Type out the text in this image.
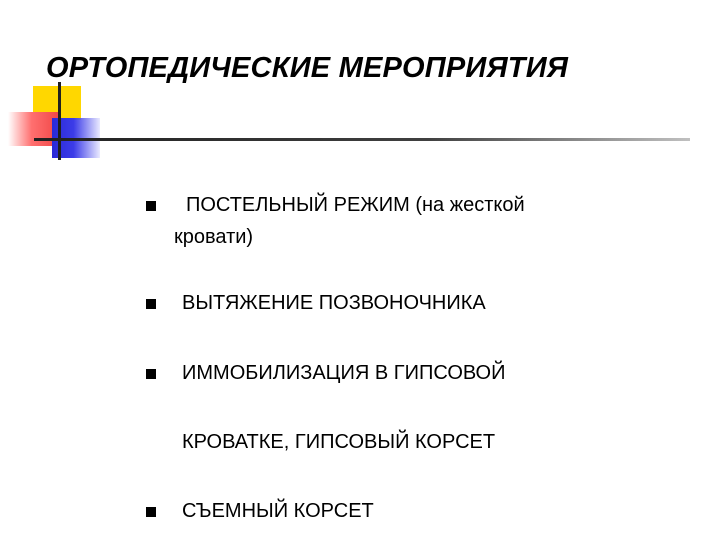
ОРТОПЕДИЧЕСКИЕ МЕРОПРИЯТИЯ
ПОСТЕЛЬНЫЙ РЕЖИМ (на жесткой
кровати)
ВЫТЯЖЕНИЕ ПОЗВОНОЧНИКА
ИММОБИЛИЗАЦИЯ В ГИПСОВОЙ
КРОВАТКЕ, ГИПСОВЫЙ КОРСЕТ
СЪЕМНЫЙ КОРСЕТ
